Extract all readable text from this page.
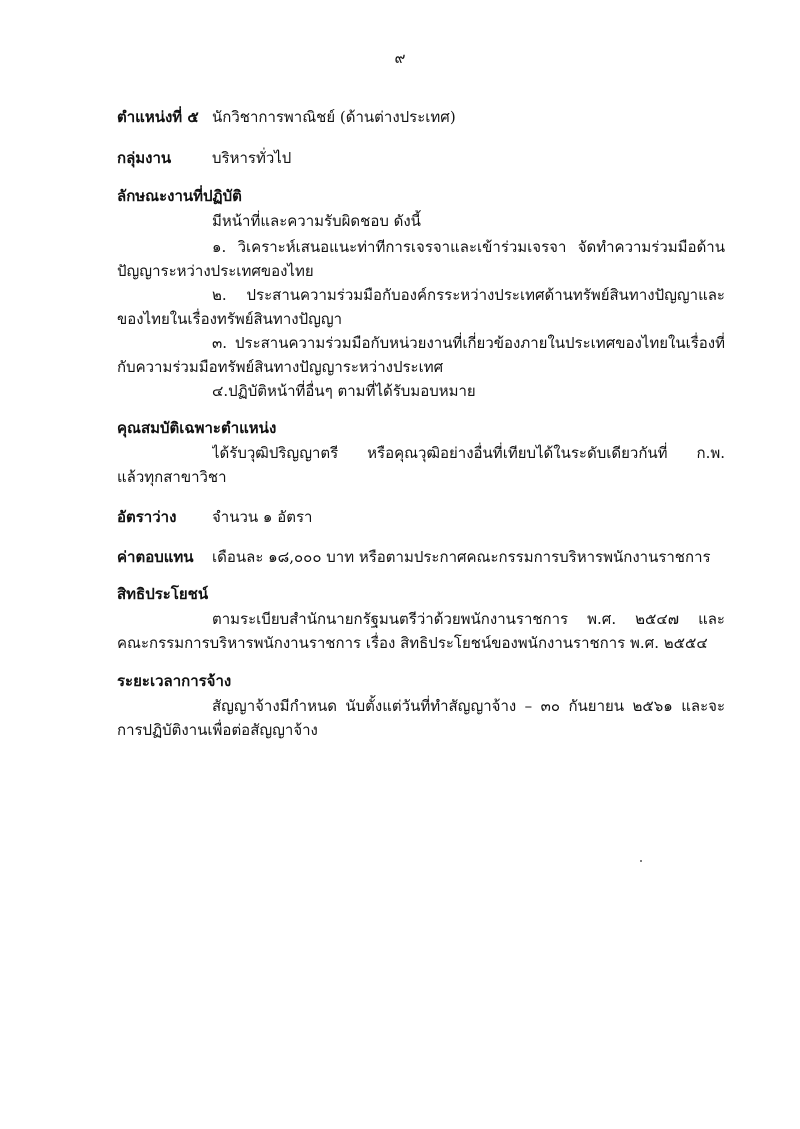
๙
ตำแหน่งที่ ๕ นักวิชาการพาณิชย์ (ด้านต่างประเทศ)
กลุ่มงาน	บริหารทั่วไป
ลักษณะงานที่ปฏิบัติ
มีหน้าที่และความรับผิดชอบ ดังนี้
๑. วิเคราะห์เสนอแนะท่าทีการเจรจาและเข้าร่วมเจรจา จัดทำความร่วมมือด้าน
ปัญญาระหว่างประเทศของไทย
๒. ประสานความร่วมมือกับองค์กรระหว่างประเทศด้านทรัพย์สินทางปัญญาและ
ของไทยในเรื่องทรัพย์สินทางปัญญา
๓. ประสานความร่วมมือกับหน่วยงานที่เกี่ยวข้องภายในประเทศของไทยในเรื่องที่
กับความร่วมมือทรัพย์สินทางปัญญาระหว่างประเทศ
๔.ปฏิบัติหน้าที่อื่นๆ ตามที่ได้รับมอบหมาย
คุณสมบัติเฉพาะตำแหน่ง
ได้รับวุฒิปริญญาตรี หรือคุณวุฒิอย่างอื่นที่เทียบได้ในระดับเดียวกันที่ ก.พ.
แล้วทุกสาขาวิชา
อัตราว่าง จำนวน ๑ อัตรา
ค่าตอบแทน เดือนละ ๑๘,๐๐๐ บาท หรือตามประกาศคณะกรรมการบริหารพนักงานราชการ
สิทธิประโยชน์
ตามระเบียบสำนักนายกรัฐมนตรีว่าด้วยพนักงานราชการ พ.ศ. ๒๕๔๗ และ
คณะกรรมการบริหารพนักงานราชการ เรื่อง สิทธิประโยชน์ของพนักงานราชการ พ.ศ. ๒๕๕๔
ระยะเวลาการจ้าง
สัญญาจ้างมีกำหนด นับตั้งแต่วันที่ทำสัญญาจ้าง – ๓๐ กันยายน ๒๕๖๑ และจะ
การปฏิบัติงานเพื่อต่อสัญญาจ้าง
